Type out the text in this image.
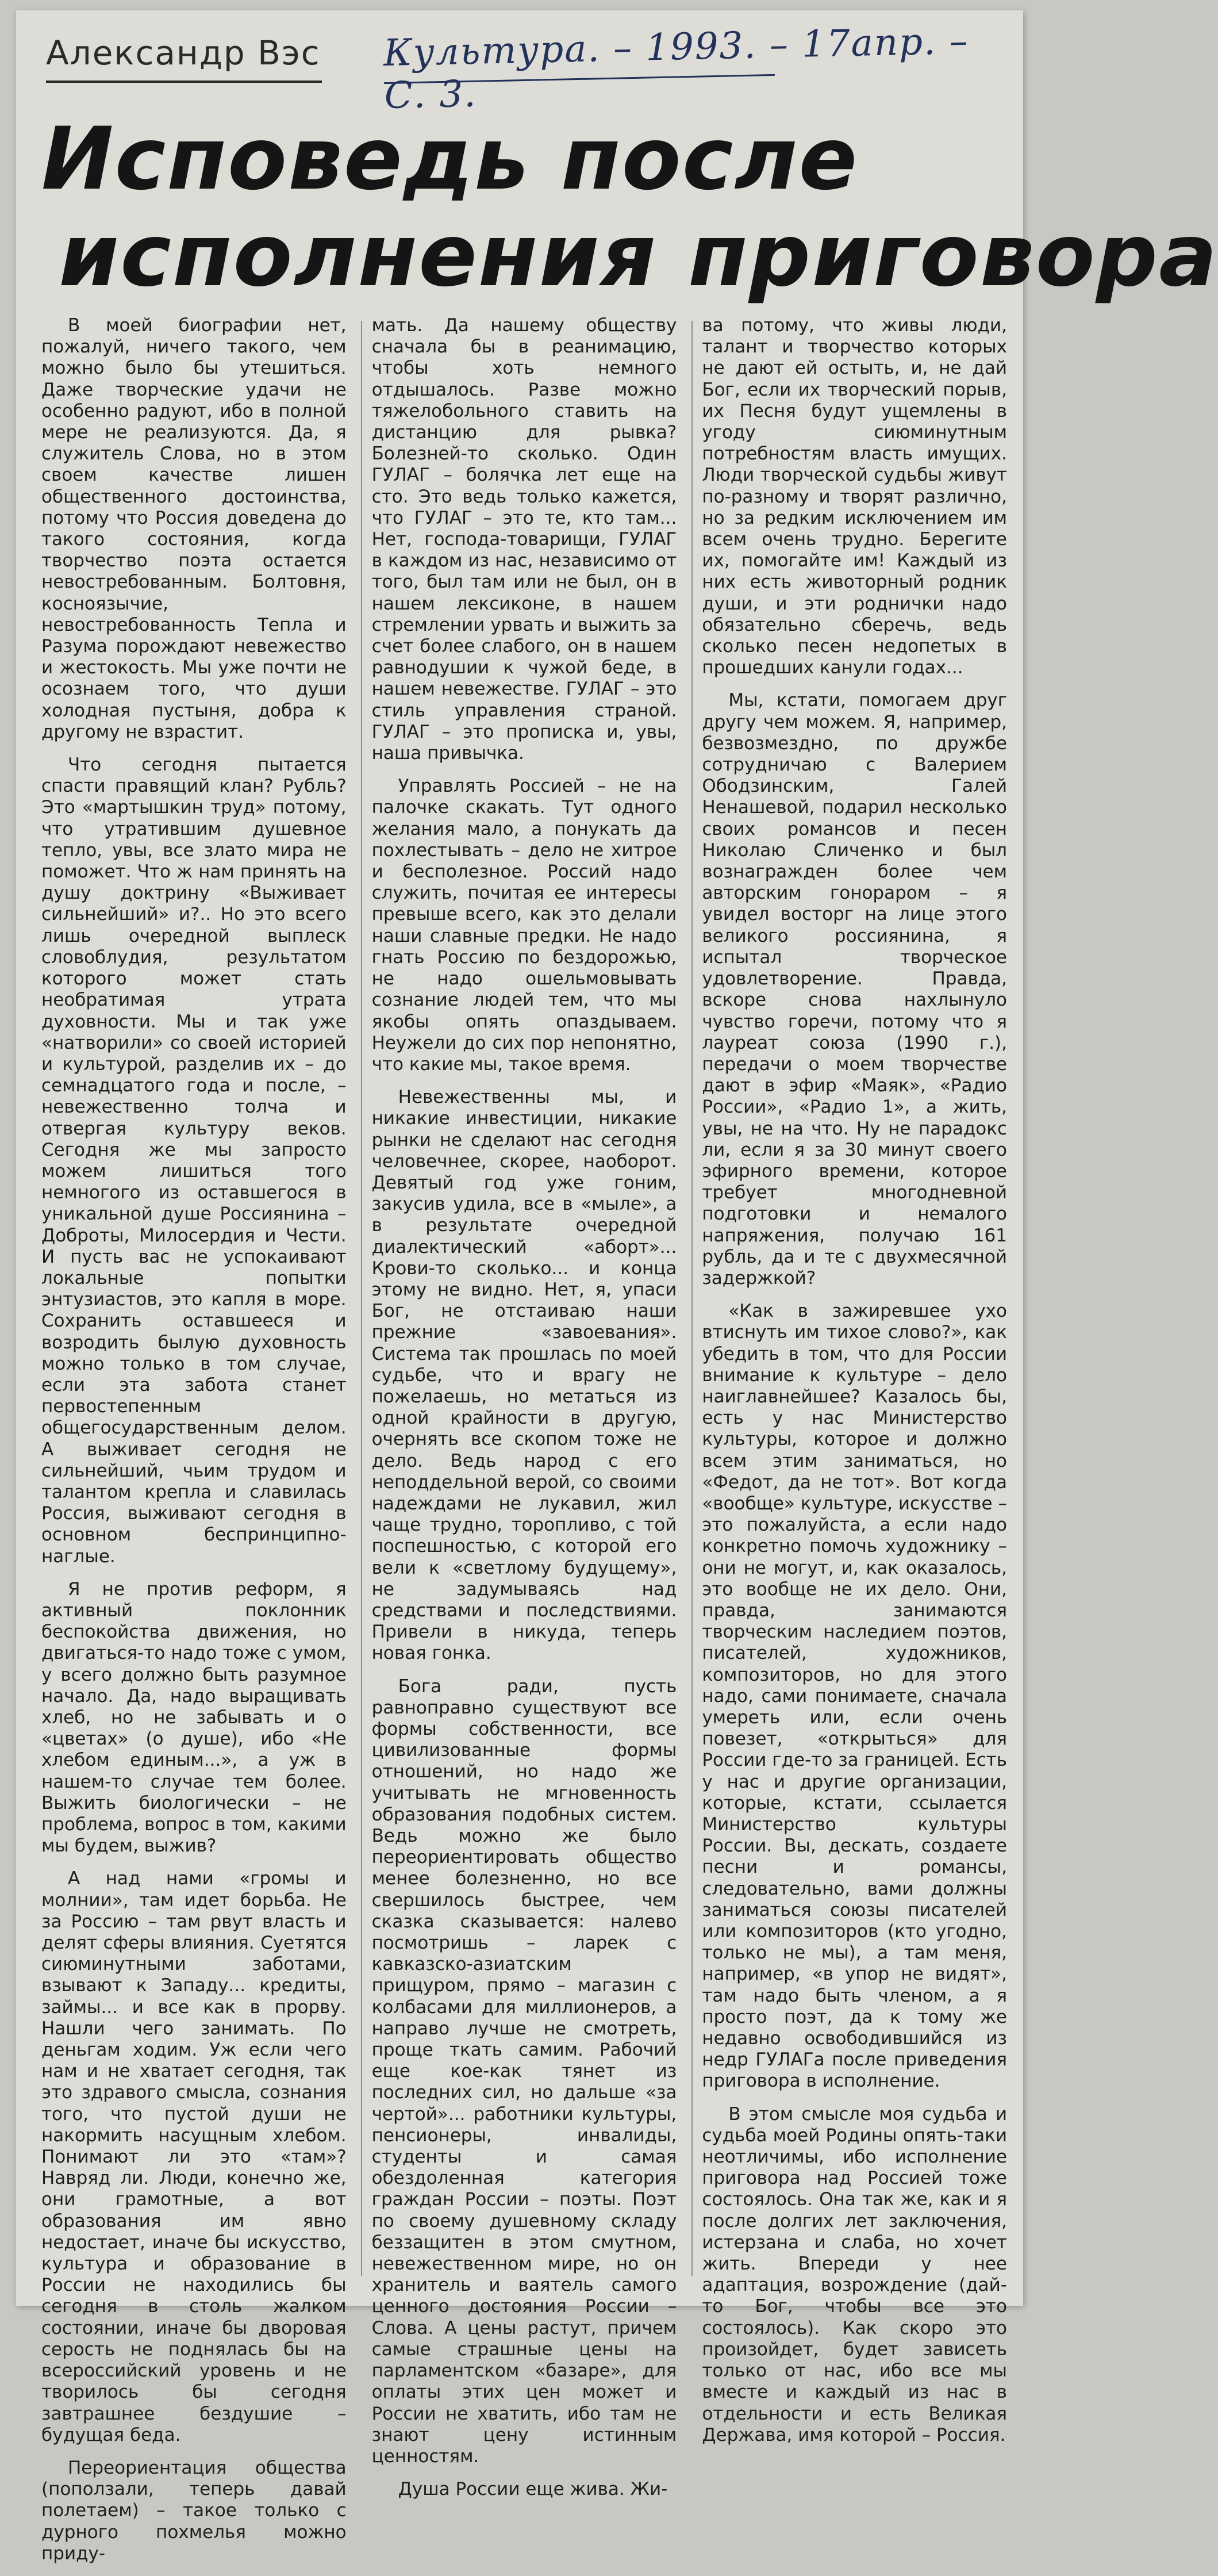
Александр Вэс Культура. – 1993. – 17апр. – С. 3.
Исповедь после
исполнения приговора

В моей биографии нет, пожалуй, ничего такого, чем можно было бы утешиться. Даже творческие удачи не особенно радуют, ибо в полной мере не реализуются. Да, я служитель Слова, но в этом своем качестве лишен общественного достоинства, потому что Россия доведена до такого состояния, когда творчество поэта остается невостребованным. Болтовня, косноязычие, невостребованность Тепла и Разума порождают невежество и жестокость. Мы уже почти не осознаем того, что души холодная пустыня, добра к другому не взрастит.

Что сегодня пытается спасти правящий клан? Рубль? Это «мартышкин труд» потому, что утратившим душевное тепло, увы, все злато мира не поможет. Что ж нам принять на душу доктрину «Выживает сильнейший» и?.. Но это всего лишь очередной выплеск словоблудия, результатом которого может стать необратимая утрата духовности. Мы и так уже «натворили» со своей историей и культурой, разделив их – до семнадцатого года и после, – невежественно толча и отвергая культуру веков. Сегодня же мы запросто можем лишиться того немногого из оставшегося в уникальной душе Россиянина – Доброты, Милосердия и Чести. И пусть вас не успокаивают локальные попытки энтузиастов, это капля в море. Сохранить оставшееся и возродить былую духовность можно только в том случае, если эта забота станет первостепенным общегосударственным делом. А выживает сегодня не сильнейший, чьим трудом и талантом крепла и славилась Россия, выживают сегодня в основном беспринципно-наглые.

Я не против реформ, я активный поклонник беспокойства движения, но двигаться-то надо тоже с умом, у всего должно быть разумное начало. Да, надо выращивать хлеб, но не забывать и о «цветах» (о душе), ибо «Не хлебом единым...», а уж в нашем-то случае тем более. Выжить биологически – не проблема, вопрос в том, какими мы будем, выжив?

А над нами «громы и молнии», там идет борьба. Не за Россию – там рвут власть и делят сферы влияния. Суетятся сиюминутными заботами, взывают к Западу... кредиты, займы... и все как в прорву. Нашли чего занимать. По деньгам ходим. Уж если чего нам и не хватает сегодня, так это здравого смысла, сознания того, что пустой души не накормить насущным хлебом. Понимают ли это «там»? Навряд ли. Люди, конечно же, они грамотные, а вот образования им явно недостает, иначе бы искусство, культура и образование в России не находились бы сегодня в столь жалком состоянии, иначе бы дворовая серость не поднялась бы на всероссийский уровень и не творилось бы сегодня завтрашнее бездушие – будущая беда.

Переориентация общества (поползали, теперь давай полетаем) – такое только с дурного похмелья можно приду-

мать. Да нашему обществу сначала бы в реанимацию, чтобы хоть немного отдышалось. Разве можно тяжелобольного ставить на дистанцию для рывка? Болезней-то сколько. Один ГУЛАГ – болячка лет еще на сто. Это ведь только кажется, что ГУЛАГ – это те, кто там... Нет, господа-товарищи, ГУЛАГ в каждом из нас, независимо от того, был там или не был, он в нашем лексиконе, в нашем стремлении урвать и выжить за счет более слабого, он в нашем равнодушии к чужой беде, в нашем невежестве. ГУЛАГ – это стиль управления страной. ГУЛАГ – это прописка и, увы, наша привычка.

Управлять Россией – не на палочке скакать. Тут одного желания мало, а понукать да похлестывать – дело не хитрое и бесполезное. Россий надо служить, почитая ее интересы превыше всего, как это делали наши славные предки. Не надо гнать Россию по бездорожью, не надо ошельмовывать сознание людей тем, что мы якобы опять опаздываем. Неужели до сих пор непонятно, что какие мы, такое время.

Невежественны мы, и никакие инвестиции, никакие рынки не сделают нас сегодня человечнее, скорее, наоборот. Девятый год уже гоним, закусив удила, все в «мыле», а в результате очередной диалектический «аборт»... Крови-то сколько... и конца этому не видно. Нет, я, упаси Бог, не отстаиваю наши прежние «завоевания». Система так прошлась по моей судьбе, что и врагу не пожелаешь, но метаться из одной крайности в другую, очернять все скопом тоже не дело. Ведь народ с его неподдельной верой, со своими надеждами не лукавил, жил чаще трудно, торопливо, с той поспешностью, с которой его вели к «светлому будущему», не задумываясь над средствами и последствиями. Привели в никуда, теперь новая гонка.

Бога ради, пусть равноправно существуют все формы собственности, все цивилизованные формы отношений, но надо же учитывать не мгновенность образования подобных систем. Ведь можно же было переориентировать общество менее болезненно, но все свершилось быстрее, чем сказка сказывается: налево посмотришь – ларек с кавказско-азиатским прищуром, прямо – магазин с колбасами для миллионеров, а направо лучше не смотреть, проще ткать самим. Рабочий еще кое-как тянет из последних сил, но дальше «за чертой»... работники культуры, пенсионеры, инвалиды, студенты и самая обездоленная категория граждан России – поэты. Поэт по своему душевному складу беззащитен в этом смутном, невежественном мире, но он хранитель и ваятель самого ценного достояния России – Слова. А цены растут, причем самые страшные цены на парламентском «базаре», для оплаты этих цен может и России не хватить, ибо там не знают цену истинным ценностям.

Душа России еще жива. Жи-

ва потому, что живы люди, талант и творчество которых не дают ей остыть, и, не дай Бог, если их творческий порыв, их Песня будут ущемлены в угоду сиюминутным потребностям власть имущих. Люди творческой судьбы живут по-разному и творят различно, но за редким исключением им всем очень трудно. Берегите их, помогайте им! Каждый из них есть животорный родник души, и эти роднички надо обязательно сберечь, ведь сколько песен недопетых в прошедших канули годах...

Мы, кстати, помогаем друг другу чем можем. Я, например, безвозмездно, по дружбе сотрудничаю с Валерием Ободзинским, Галей Ненашевой, подарил несколько своих романсов и песен Николаю Сличенко и был вознагражден более чем авторским гонораром – я увидел восторг на лице этого великого россиянина, я испытал творческое удовлетворение. Правда, вскоре снова нахлынуло чувство горечи, потому что я лауреат союза (1990 г.), передачи о моем творчестве дают в эфир «Маяк», «Радио России», «Радио 1», а жить, увы, не на что. Ну не парадокс ли, если я за 30 минут своего эфирного времени, которое требует многодневной подготовки и немалого напряжения, получаю 161 рубль, да и те с двухмесячной задержкой?

«Как в зажиревшее ухо втиснуть им тихое слово?», как убедить в том, что для России внимание к культуре – дело наиглавнейшее? Казалось бы, есть у нас Министерство культуры, которое и должно всем этим заниматься, но «Федот, да не тот». Вот когда «вообще» культуре, искусстве – это пожалуйста, а если надо конкретно помочь художнику – они не могут, и, как оказалось, это вообще не их дело. Они, правда, занимаются творческим наследием поэтов, писателей, художников, композиторов, но для этого надо, сами понимаете, сначала умереть или, если очень повезет, «открыться» для России где-то за границей. Есть у нас и другие организации, которые, кстати, ссылается Министерство культуры России. Вы, дескать, создаете песни и романсы, следовательно, вами должны заниматься союзы писателей или композиторов (кто угодно, только не мы), а там меня, например, «в упор не видят», там надо быть членом, а я просто поэт, да к тому же недавно освободившийся из недр ГУЛАГа после приведения приговора в исполнение.

В этом смысле моя судьба и судьба моей Родины опять-таки неотличимы, ибо исполнение приговора над Россией тоже состоялось. Она так же, как и я после долгих лет заключения, истерзана и слаба, но хочет жить. Впереди у нее адаптация, возрождение (дай-то Бог, чтобы все это состоялось). Как скоро это произойдет, будет зависеть только от нас, ибо все мы вместе и каждый из нас в отдельности и есть Великая Держава, имя которой – Россия.
